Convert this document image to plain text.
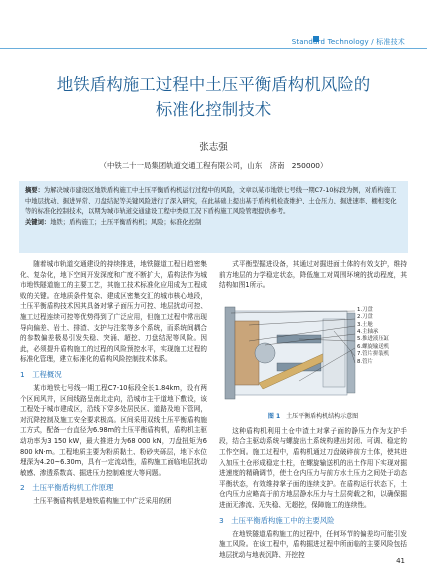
Standard Technology / 标准技术

地铁盾构施工过程中土压平衡盾构机风险的

标准化控制技术

张志强
（中铁二十一局集团轨道交通工程有限公司，山东　济南　250000）
摘要：为解决城市建设区地铁盾构施工中土压平衡盾构机运行过程中的风险，文章以某市地铁七号线一期C7-10标段为例，对盾构施工中地层扰动、掘进异常、刀盘结泥等关键风险进行了深入研究，在此基础上提出基于盾构机检查维护、土仓压力、掘进速率、棚相变化等的标准化控制技术，以期为城市轨道交通建设工程中类似工况下盾构施工风险管理提供参考。
关键词：地铁；盾构施工；土压平衡盾构机；风险；标准化控制

随着城市轨道交通建设的持续推进，地铁隧道工程日趋密集化、复杂化，地下空间开发深度和广度不断扩大，盾构法作为城市地铁隧道施工的主要工艺，其施工技术标准化应用成为工程成败的关键。在地质条件复杂、建成区密集交汇的城市核心地段，土压平衡盾构技术因其具备对掌子面压力可控、地层扰动可控、施工过程连续可控等优势得到了广泛应用，但施工过程中常出现导向偏差、岩土、排渣、支护与注浆等多个系统，而系统间耦合的参数偏差极易引发失稳、突涌、超挖、刀盘结泥等风险。因此，必须提升盾构施工的过程的风险预控水平，实现施工过程的标准化管理，建立标准化的盾构风险控制技术体系。

1　工程概况

某市地铁七号线一期工程C7-10标段全长1.84km，设有两个区间风井，区间线路呈南北走向，沿城市主干道地下敷设，该工程处于城市建成区，沿线下穿多处居民区、道路及地下管网，对沉降控制及施工安全要求极高。区间采用双线土压平衡盾构施工方式，配备一台直径为6.98m的土压平衡盾构机，盾构机主驱动功率为3 150 kW，最大推进力为68 000 kN，刀盘扭矩为6 800 kN·m。工程地质主要为粉质黏土、粉砂夹砾层，地下水位埋深为4.20~6.30m，具有一定流动性，盾构施工面临地层扰动敏感、渗透系数高、掘进压力控制难度大等问题。

2　土压平衡盾构机工作原理

土压平衡盾构机是地铁盾构施工中广泛采用的团

式平衡型掘进设备，其通过对掘进面土体的有效支护，维持前方地层的力学稳定状态，降低施工对周围环境的扰动程度，其结构如图1所示。

1.刀盘
2.刀盘
3.土舱
4.主轴承
5.推进液压缸
6.螺旋输送机
7.管片拼装机
8.管片
图 1 土压平衡盾构机结构示意图

这种盾构机利用土仓中渣土对掌子面的静压力作为支护手段，结合主驱动系统与螺旋出土系统构建出封闭、可调、稳定的工作空间。施工过程中，盾构机通过刀盘破碎前方土体，使其进入加压土仓形成稳定土柱，在螺旋输送机的出土作用下实现对掘进速度的精确调节，使土仓内压力与前方水土压力之间处于动态平衡状态，有效维持掌子面的连续支护。在盾构运行状态下，土仓内压力应略高于前方地层静水压力与土层荷载之和，以确保掘进面无渗流、无失稳、无超挖，保障施工的连续性。

3　土压平衡盾构施工中的主要风险

在地铁隧道盾构施工的过程中，任何环节的偏差均可能引发施工风险。在该工程中，盾构掘进过程中所面临的主要风险包括地层扰动与地表沉降、开挖控

41
